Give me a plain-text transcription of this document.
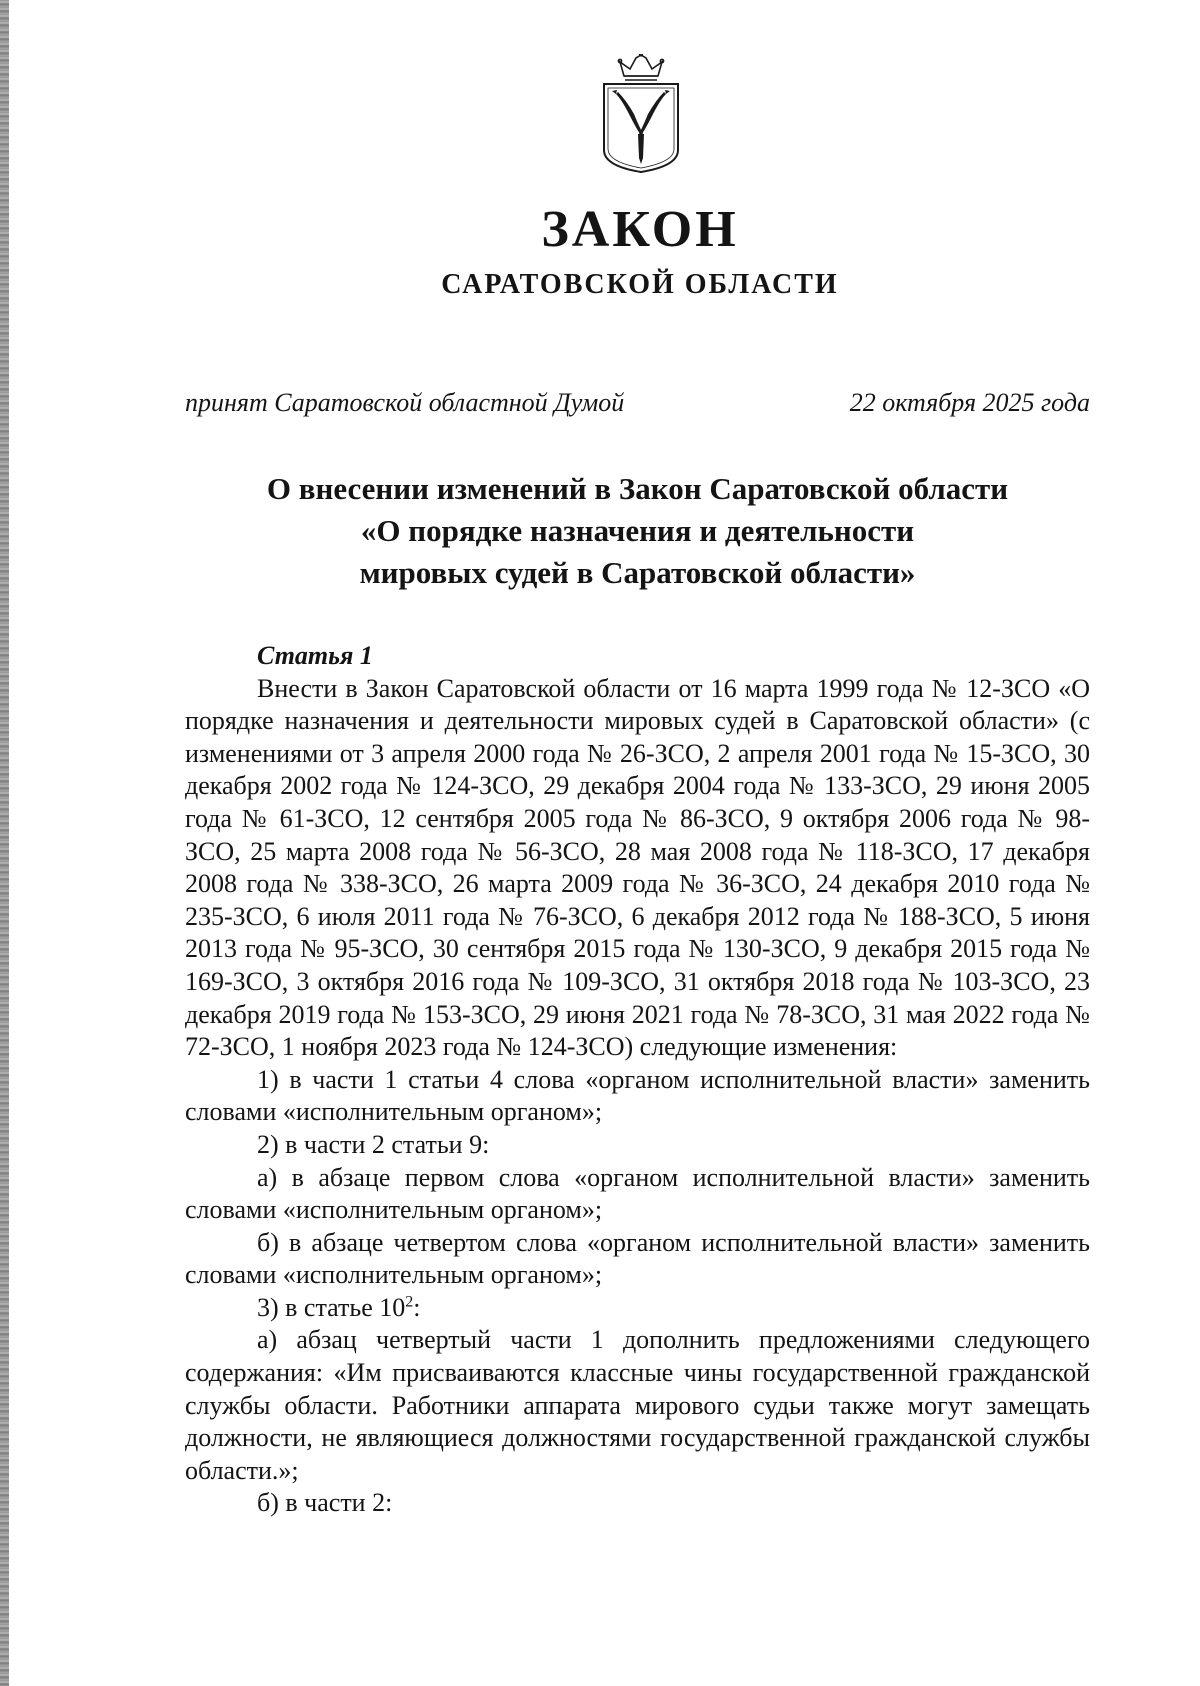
ЗАКОН
САРАТОВСКОЙ ОБЛАСТИ
принят Саратовской областной Думой	22 октября 2025 года
О внесении изменений в Закон Саратовской области
«О порядке назначения и деятельности
мировых судей в Саратовской области»

Статья 1

Внести в Закон Саратовской области от 16 марта 1999 года № 12-ЗСО «О порядке назначения и деятельности мировых судей в Саратовской области» (с изменениями от 3 апреля 2000 года № 26-ЗСО, 2 апреля 2001 года № 15-ЗСО, 30 декабря 2002 года № 124-ЗСО, 29 декабря 2004 года № 133-ЗСО, 29 июня 2005 года № 61-ЗСО, 12 сентября 2005 года № 86-ЗСО, 9 октября 2006 года № 98-ЗСО, 25 марта 2008 года № 56-ЗСО, 28 мая 2008 года № 118-ЗСО, 17 декабря 2008 года № 338-ЗСО, 26 марта 2009 года № 36-ЗСО, 24 декабря 2010 года № 235-ЗСО, 6 июля 2011 года № 76-ЗСО, 6 декабря 2012 года № 188-ЗСО, 5 июня 2013 года № 95-ЗСО, 30 сентября 2015 года № 130-ЗСО, 9 декабря 2015 года № 169-ЗСО, 3 октября 2016 года № 109-ЗСО, 31 октября 2018 года № 103-ЗСО, 23 декабря 2019 года № 153-ЗСО, 29 июня 2021 года № 78-ЗСО, 31 мая 2022 года № 72-ЗСО, 1 ноября 2023 года № 124-ЗСО) следующие изменения:

1) в части 1 статьи 4 слова «органом исполнительной власти» заменить словами «исполнительным органом»;

2) в части 2 статьи 9:

а) в абзаце первом слова «органом исполнительной власти» заменить словами «исполнительным органом»;

б) в абзаце четвертом слова «органом исполнительной власти» заменить словами «исполнительным органом»;

3) в статье $10^2$:

а) абзац четвертый части 1 дополнить предложениями следующего содержания: «Им присваиваются классные чины государственной гражданской службы области. Работники аппарата мирового судьи также могут замещать должности, не являющиеся должностями государственной гражданской службы области.»;

б) в части 2:
